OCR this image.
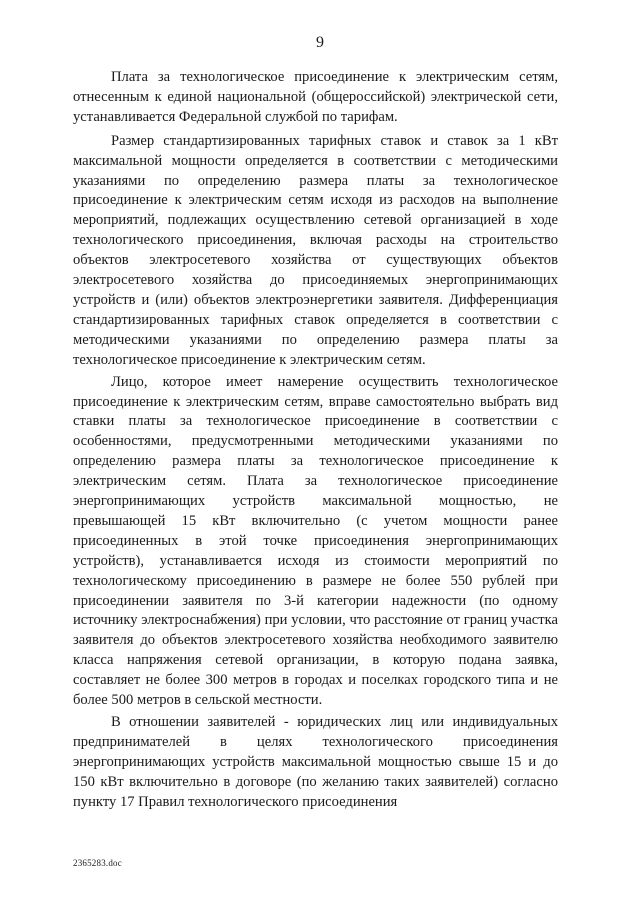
9

Плата за технологическое присоединение к электрическим сетям, отнесенным к единой национальной (общероссийской) электрической сети, устанавливается Федеральной службой по тарифам.

Размер стандартизированных тарифных ставок и ставок за 1 кВт максимальной мощности определяется в соответствии с методическими указаниями по определению размера платы за технологическое присоединение к электрическим сетям исходя из расходов на выполнение мероприятий, подлежащих осуществлению сетевой организацией в ходе технологического присоединения, включая расходы на строительство объектов электросетевого хозяйства от существующих объектов электросетевого хозяйства до присоединяемых энергопринимающих устройств и (или) объектов электроэнергетики заявителя. Дифференциация стандартизированных тарифных ставок определяется в соответствии с методическими указаниями по определению размера платы за технологическое присоединение к электрическим сетям.

Лицо, которое имеет намерение осуществить технологическое присоединение к электрическим сетям, вправе самостоятельно выбрать вид ставки платы за технологическое присоединение в соответствии с особенностями, предусмотренными методическими указаниями по определению размера платы за технологическое присоединение к электрическим сетям. Плата за технологическое присоединение энергопринимающих устройств максимальной мощностью, не превышающей 15 кВт включительно (с учетом мощности ранее присоединенных в этой точке присоединения энергопринимающих устройств), устанавливается исходя из стоимости мероприятий по технологическому присоединению в размере не более 550 рублей при присоединении заявителя по 3-й категории надежности (по одному источнику электроснабжения) при условии, что расстояние от границ участка заявителя до объектов электросетевого хозяйства необходимого заявителю класса напряжения сетевой организации, в которую подана заявка, составляет не более 300 метров в городах и поселках городского типа и не более 500 метров в сельской местности.

В отношении заявителей - юридических лиц или индивидуальных предпринимателей в целях технологического присоединения энергопринимающих устройств максимальной мощностью свыше 15 и до 150 кВт включительно в договоре (по желанию таких заявителей) согласно пункту 17 Правил технологического присоединения

2365283.doc
